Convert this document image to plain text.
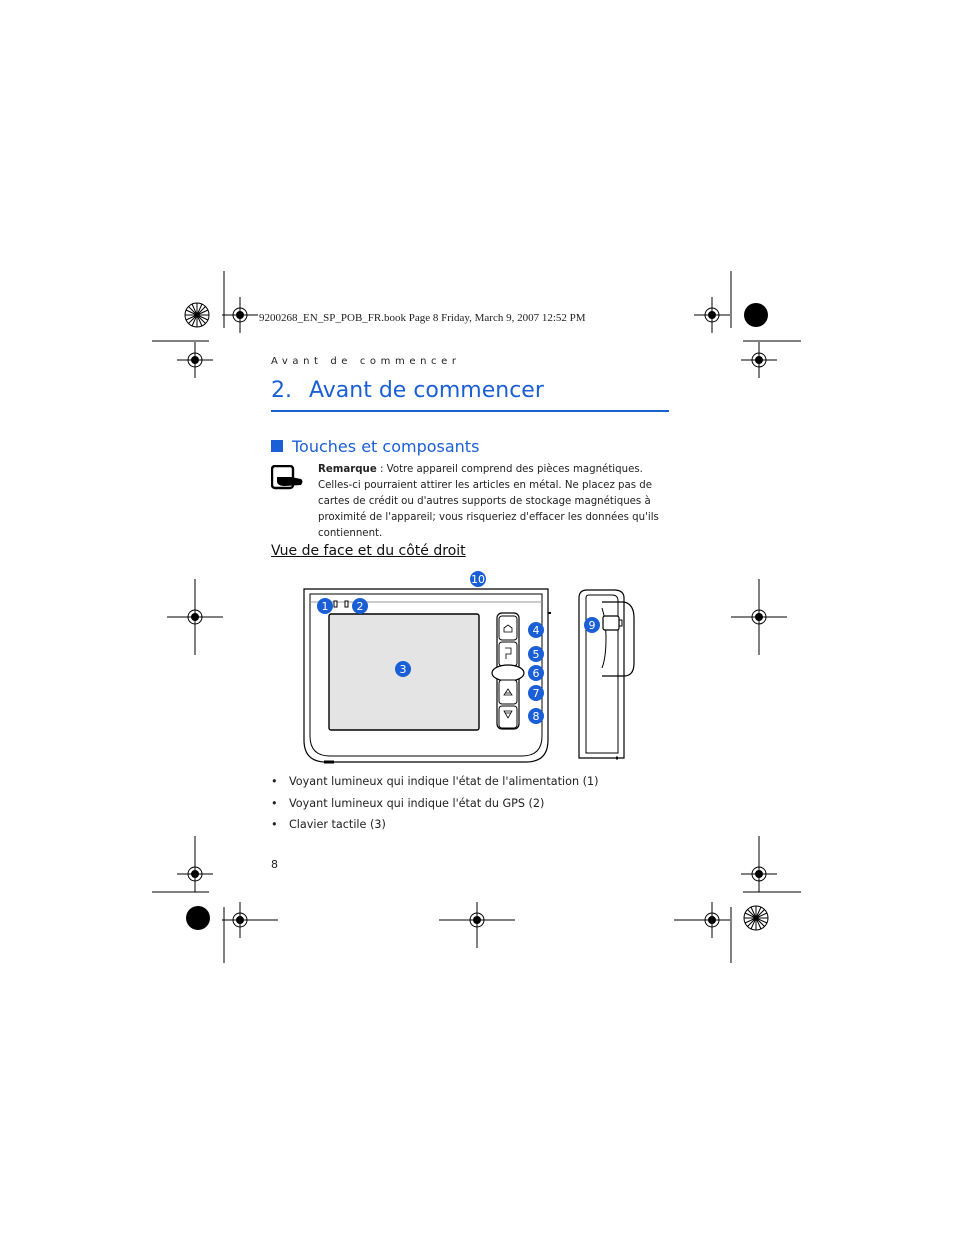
9200268_EN_SP_POB_FR.book Page 8 Friday, March 9, 2007 12:52 PM
Avant de commencer
2. Avant de commencer
Touches et composants
Remarque : Votre appareil comprend des pièces magnétiques. Celles-ci pourraient attirer les articles en métal. Ne placez pas de cartes de crédit ou d'autres supports de stockage magnétiques à proximité de l'appareil; vous risqueriez d'effacer les données qu'ils contiennent.
Vue de face et du côté droit
10
1	2
3
4
5
6
7
8
9
• Voyant lumineux qui indique l'état de l'alimentation (1)
• Voyant lumineux qui indique l'état du GPS (2)
• Clavier tactile (3)
8
